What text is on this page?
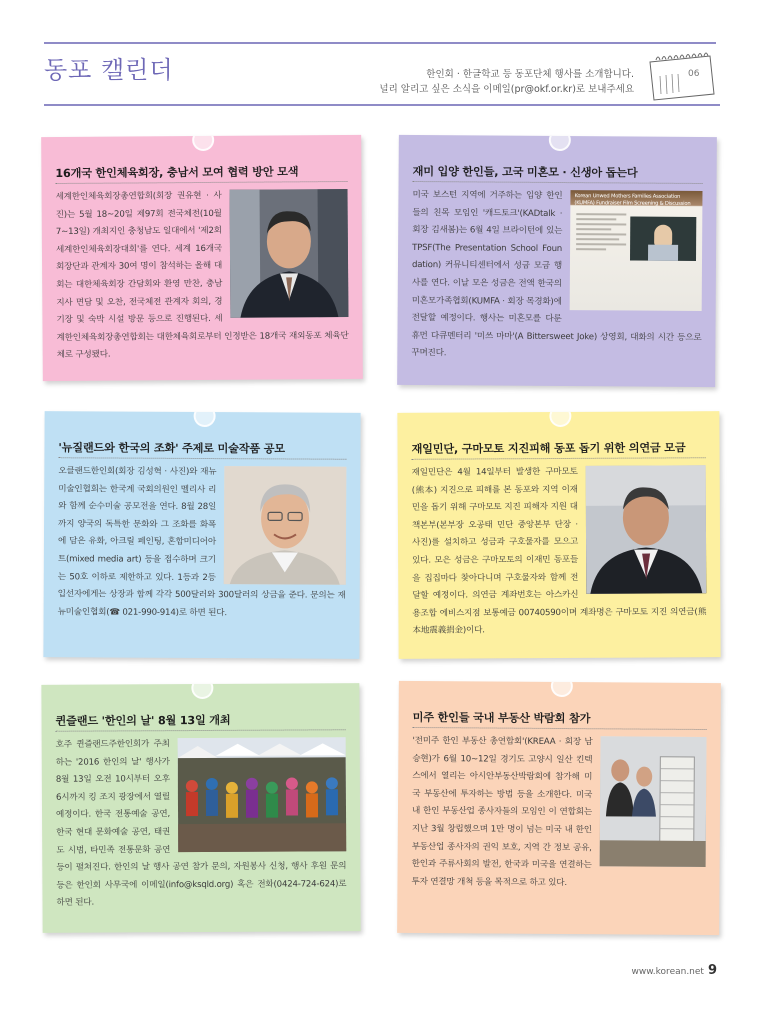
동포 캘린더	한인회 · 한글학교 등 동포단체 행사를 소개합니다.
널리 알리고 싶은 소식을 이메일(pr@okf.or.kr)로 보내주세요
06
16개국 한인체육회장, 충남서 모여 협력 방안 모색
세계한인체육회장총연합회(회장 권유현 · 사진)는 5월 18~20일 제97회 전국체전(10월 7~13일) 개최지인 충청남도 일대에서 '제2회 세계한인체육회장대회'를 연다. 세계 16개국 회장단과 관계자 30여 명이 참석하는 올해 대회는 대한체육회장 간담회와 환영 만찬, 충남지사 면담 및 오찬, 전국체전 관계자 회의, 경기장 및 숙박 시설 방문 등으로 진행된다. 세계한인체육회장총연합회는 대한체육회로부터 인정받은 18개국 재외동포 체육단체로 구성됐다.
재미 입양 한인들, 고국 미혼모 · 신생아 돕는다
Korean Unwed Mothers Families Association
(KUMFA) Fundraiser Film Screening & Discussion
미국 보스턴 지역에 거주하는 입양 한인들의 친목 모임인 '캐드토크'(KADtalk · 회장 김새봄)는 6월 4일 브라이턴에 있는 TPSF(The Presentation School Foundation) 커뮤니티센터에서 성금 모금 행사를 연다. 이날 모은 성금은 전액 한국의 미혼모가족협회(KUMFA · 회장 목경화)에 전달할 예정이다. 행사는 미혼모를 다룬 휴먼 다큐멘터리 '미쓰 마마'(A Bittersweet Joke) 상영회, 대화의 시간 등으로 꾸며진다.
'뉴질랜드와 한국의 조화' 주제로 미술작품 공모
오클랜드한인회(회장 김성혁 · 사진)와 재뉴미술인협회는 한국계 국회의원인 멜리사 리와 함께 순수미술 공모전을 연다. 8월 28일까지 양국의 독특한 문화와 그 조화를 화폭에 담은 유화, 아크릴 페인팅, 혼합미디어아트(mixed media art) 등을 접수하며 크기는 50호 이하로 제한하고 있다. 1등과 2등 입선자에게는 상장과 함께 각각 500달러와 300달러의 상금을 준다. 문의는 재뉴미술인협회(☎ 021-990-914)로 하면 된다.
재일민단, 구마모토 지진피해 동포 돕기 위한 의연금 모금
재일민단은 4월 14일부터 발생한 구마모토(熊本) 지진으로 피해를 본 동포와 지역 이재민을 돕기 위해 구마모토 지진 피해자 지원 대책본부(본부장 오공태 민단 중앙본부 단장 · 사진)를 설치하고 성금과 구호물자를 모으고 있다. 모은 성금은 구마모토의 이재민 동포들을 집집마다 찾아다니며 구호물자와 함께 전달할 예정이다. 의연금 계좌번호는 아스카신용조합 에비스지점 보통예금 00740590이며 계좌명은 구마모토 지진 의연금(熊本地震義捐金)이다.
퀸즐랜드 '한인의 날' 8월 13일 개최
호주 퀸즐랜드주한인회가 주최하는 '2016 한인의 날' 행사가 8월 13일 오전 10시부터 오후 6시까지 킹 조지 광장에서 열릴 예정이다. 한국 전통예술 공연, 한국 현대 문화예술 공연, 태권도 시범, 타민족 전통문화 공연 등이 펼쳐진다. 한인의 날 행사 공연 참가 문의, 자원봉사 신청, 행사 후원 문의 등은 한인회 사무국에 이메일(info@ksqld.org) 혹은 전화(0424-724-624)로 하면 된다.
미주 한인들 국내 부동산 박람회 참가
'전미주 한인 부동산 총연합회'(KREAA · 회장 남승현)가 6월 10~12일 경기도 고양시 일산 킨텍스에서 열리는 아시안부동산박람회에 참가해 미국 부동산에 투자하는 방법 등을 소개한다. 미국 내 한인 부동산업 종사자들의 모임인 이 연합회는 지난 3월 창립했으며 1만 명이 넘는 미국 내 한인 부동산업 종사자의 권익 보호, 지역 간 정보 공유, 한인과 주류사회의 발전, 한국과 미국을 연결하는 투자 연결망 개척 등을 목적으로 하고 있다.
www.korean.net 9
